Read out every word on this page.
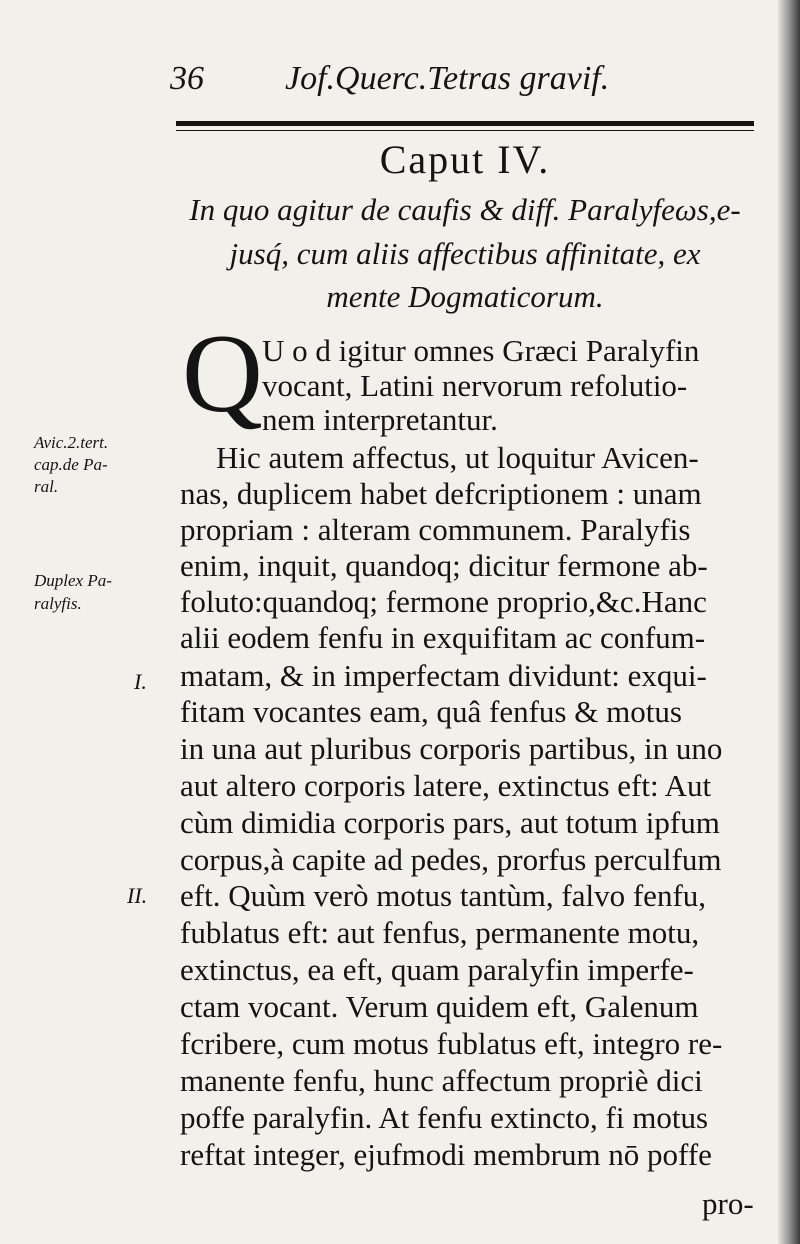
36 Jof.Querc.Tetras gravif.
Caput IV.
In quo agitur de caufis & diff. Paralyfeωs,e-
jusq́, cum aliis affectibus affinitate, ex
mente Dogmaticorum.
Q U o d igitur omnes Græci Paralyfin
vocant, Latini nervorum refolutio-
nem interpretantur.
Hic autem affectus, ut loquitur Avicen-
nas, duplicem habet defcriptionem : unam
propriam : alteram communem. Paralyfis
enim, inquit, quandoq; dicitur fermone ab-
foluto:quandoq; fermone proprio,&c.Hanc
alii eodem fenfu in exquifitam ac confum-
matam, & in imperfectam dividunt: exqui-
fitam vocantes eam, quâ fenfus & motus
in una aut pluribus corporis partibus, in uno
aut altero corporis latere, extinctus eft: Aut
cùm dimidia corporis pars, aut totum ipfum
corpus,à capite ad pedes, prorfus perculfum
eft. Quùm verò motus tantùm, falvo fenfu,
fublatus eft: aut fenfus, permanente motu,
extinctus, ea eft, quam paralyfin imperfe-
ctam vocant. Verum quidem eft, Galenum
fcribere, cum motus fublatus eft, integro re-
manente fenfu, hunc affectum propriè dici
poffe paralyfin. At fenfu extincto, fi motus
reftat integer, ejufmodi membrum nō poffe
pro-
Avic.2.tert.
cap.de Pa-
ral.
Duplex Pa-
ralyfis.
I.
II.
